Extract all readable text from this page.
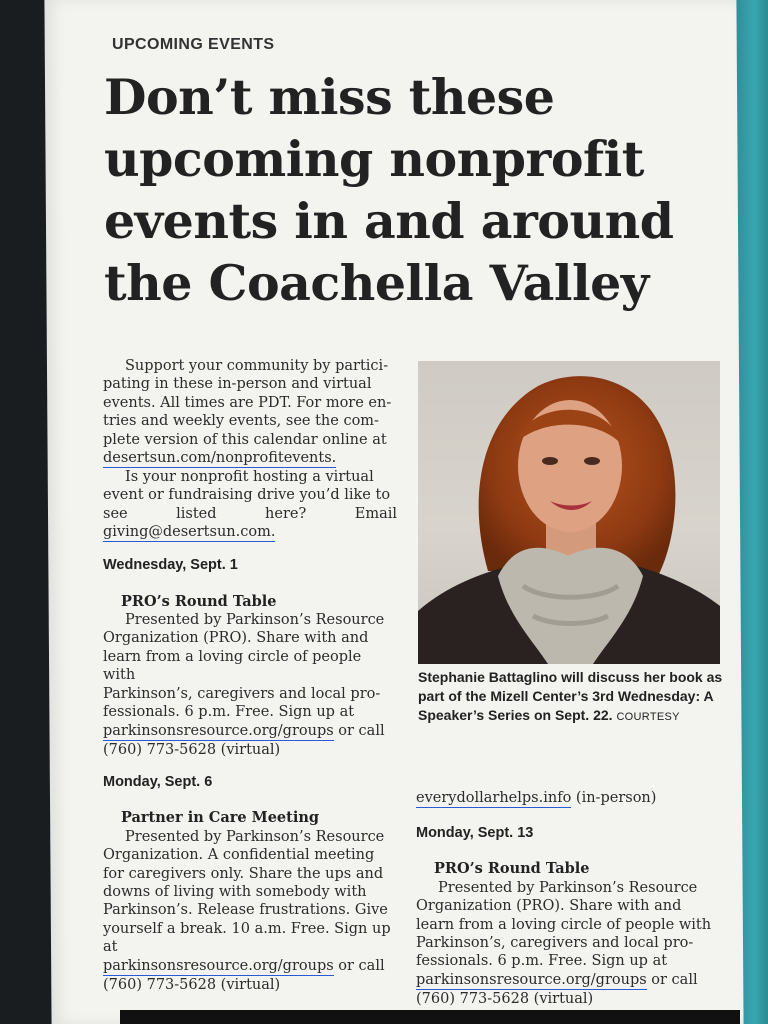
UPCOMING EVENTS
Don’t miss these
upcoming nonprofit
events in and around
the Coachella Valley
Support your community by partici-
pating in these in-person and virtual
events. All times are PDT. For more en-
tries and weekly events, see the com-
plete version of this calendar online at
desertsun.com/nonprofitevents.
Is your nonprofit hosting a virtual
event or fundraising drive you’d like to
see listed here? Email
giving@desertsun.com.
Wednesday, Sept. 1
PRO’s Round Table
Presented by Parkinson’s Resource
Organization (PRO). Share with and
learn from a loving circle of people with
Parkinson’s, caregivers and local pro-
fessionals. 6 p.m. Free. Sign up at
parkinsonsresource.org/groups or call
(760) 773-5628 (virtual)
Monday, Sept. 6
Partner in Care Meeting
Presented by Parkinson’s Resource
Organization. A confidential meeting
for caregivers only. Share the ups and
downs of living with somebody with
Parkinson’s. Release frustrations. Give
yourself a break. 10 a.m. Free. Sign up at
parkinsonsresource.org/groups or call
(760) 773-5628 (virtual)
Stephanie Battaglino will discuss her book as part of the Mizell Center’s 3rd Wednesday: A Speaker’s Series on Sept. 22. COURTESY
everydollarhelps.info (in-person)
Monday, Sept. 13
PRO’s Round Table
Presented by Parkinson’s Resource
Organization (PRO). Share with and
learn from a loving circle of people with
Parkinson’s, caregivers and local pro-
fessionals. 6 p.m. Free. Sign up at
parkinsonsresource.org/groups or call
(760) 773-5628 (virtual)
